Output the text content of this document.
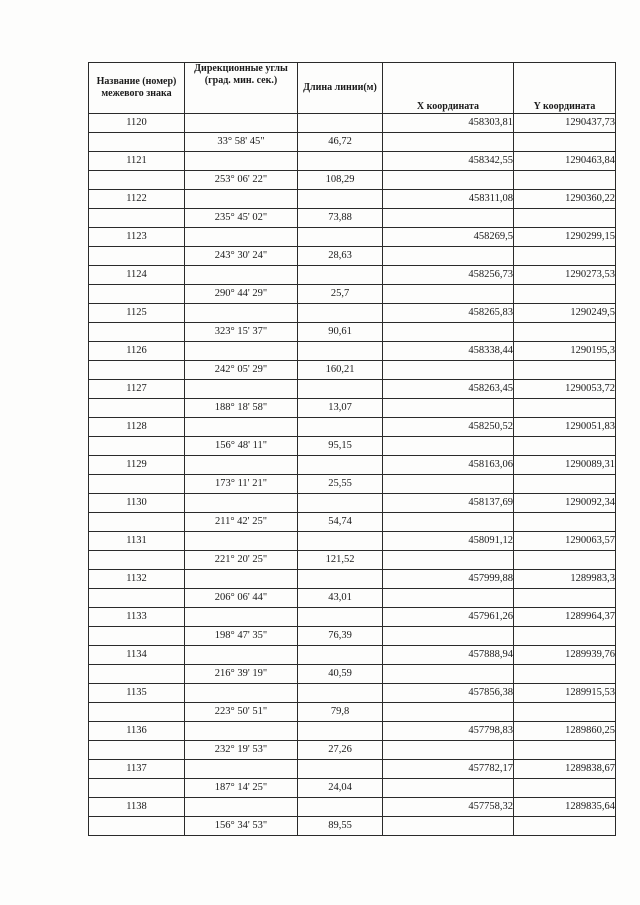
Название (номер) межевого знака	Дирекционные углы (град. мин. сек.)	Длина линии(м)	X координата	Y координата
1120			458303,81	1290437,73
	33° 58' 45"	46,72		
1121			458342,55	1290463,84
	253° 06' 22"	108,29		
1122			458311,08	1290360,22
	235° 45' 02"	73,88		
1123			458269,5	1290299,15
	243° 30' 24"	28,63		
1124			458256,73	1290273,53
	290° 44' 29"	25,7		
1125			458265,83	1290249,5
	323° 15' 37"	90,61		
1126			458338,44	1290195,3
	242° 05' 29"	160,21		
1127			458263,45	1290053,72
	188° 18' 58"	13,07		
1128			458250,52	1290051,83
	156° 48' 11"	95,15		
1129			458163,06	1290089,31
	173° 11' 21"	25,55		
1130			458137,69	1290092,34
	211° 42' 25"	54,74		
1131			458091,12	1290063,57
	221° 20' 25"	121,52		
1132			457999,88	1289983,3
	206° 06' 44"	43,01		
1133			457961,26	1289964,37
	198° 47' 35"	76,39		
1134			457888,94	1289939,76
	216° 39' 19"	40,59		
1135			457856,38	1289915,53
	223° 50' 51"	79,8		
1136			457798,83	1289860,25
	232° 19' 53"	27,26		
1137			457782,17	1289838,67
	187° 14' 25"	24,04		
1138			457758,32	1289835,64
	156° 34' 53"	89,55		
